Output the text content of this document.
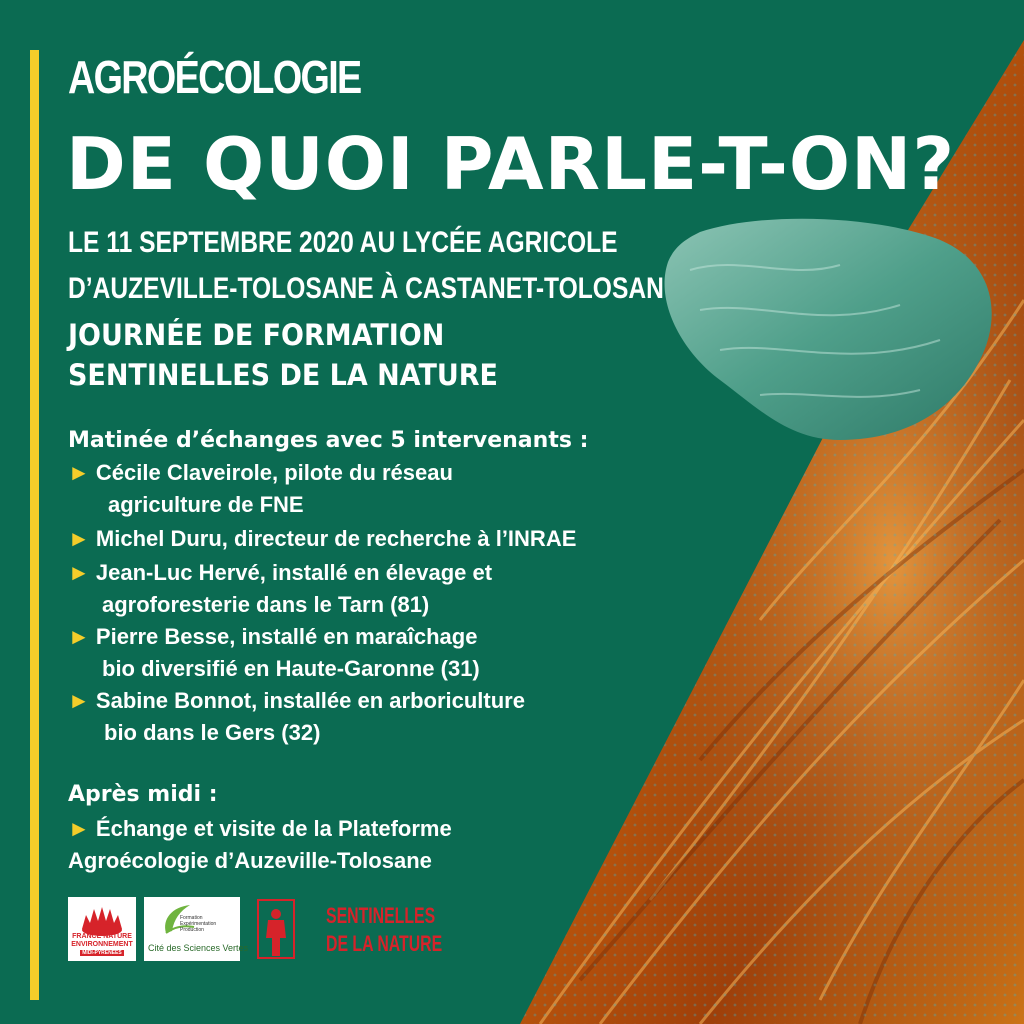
AGROÉCOLOGIE

DE QUOI PARLE-T-ON?

LE 11 SEPTEMBRE 2020 AU LYCÉE AGRICOLE

D’AUZEVILLE-TOLOSANE À CASTANET-TOLOSAN

JOURNÉE DE FORMATION

SENTINELLES DE LA NATURE

Matinée d’échanges avec 5 intervenants :

► Cécile Claveirole, pilote du réseau

agriculture de FNE

► Michel Duru, directeur de recherche à l’INRAE

► Jean-Luc Hervé, installé en élevage et

agroforesterie dans le Tarn (81)

► Pierre Besse, installé en maraîchage

bio diversifié en Haute-Garonne (31)

► Sabine Bonnot, installée en arboriculture

bio dans le Gers (32)

Après midi :

► Échange et visite de la Plateforme

Agroécologie d’Auzeville-Tolosane

FRANCE NATURE
ENVIRONNEMENT
MIDI-PYRÉNÉES
Formation
Expérimentation
Production
Cité des Sciences Vertes
SENTINELLES
DE LA NATURE
